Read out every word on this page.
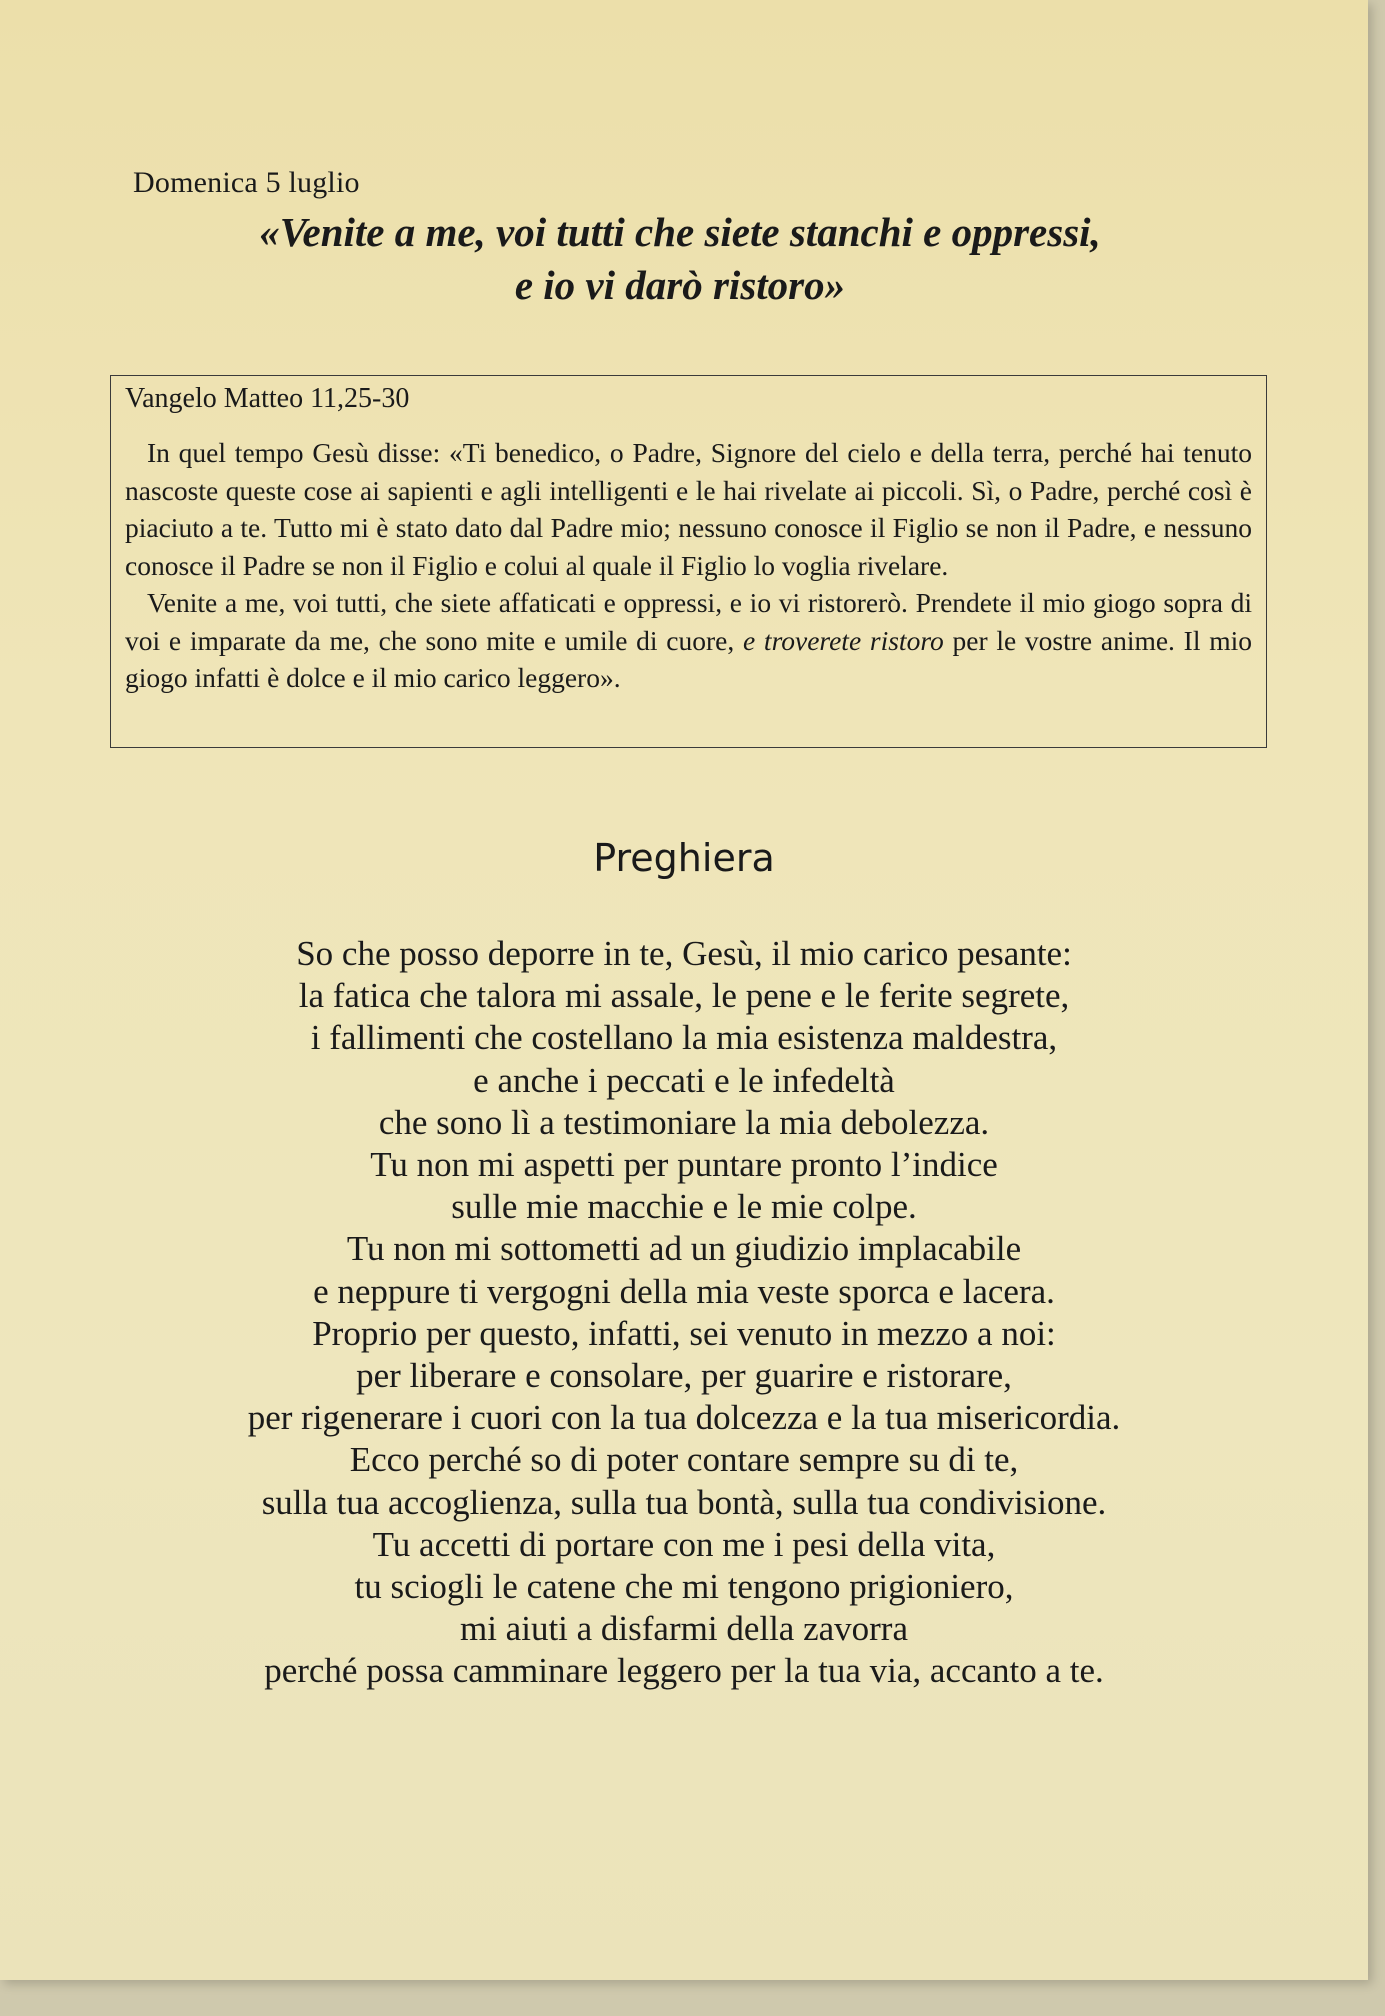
Domenica 5 luglio
«Venite a me, voi tutti che siete stanchi e oppressi,
e io vi darò ristoro»
Vangelo Matteo 11,25-30

In quel tempo Gesù disse: «Ti benedico, o Padre, Signore del cielo e della terra, perché hai tenuto nascoste queste cose ai sapienti e agli intelligenti e le hai rivelate ai piccoli. Sì, o Padre, perché così è piaciuto a te. Tutto mi è stato dato dal Padre mio; nessuno conosce il Figlio se non il Padre, e nessuno conosce il Padre se non il Figlio e colui al quale il Figlio lo voglia rivelare.

Venite a me, voi tutti, che siete affaticati e oppressi, e io vi ristorerò. Prendete il mio giogo sopra di voi e imparate da me, che sono mite e umile di cuore, e troverete ristoro per le vostre anime. Il mio giogo infatti è dolce e il mio carico leggero».

Preghiera
So che posso deporre in te, Gesù, il mio carico pesante:
la fatica che talora mi assale, le pene e le ferite segrete,
i fallimenti che costellano la mia esistenza maldestra,
e anche i peccati e le infedeltà
che sono lì a testimoniare la mia debolezza.
Tu non mi aspetti per puntare pronto l’indice
sulle mie macchie e le mie colpe.
Tu non mi sottometti ad un giudizio implacabile
e neppure ti vergogni della mia veste sporca e lacera.
Proprio per questo, infatti, sei venuto in mezzo a noi:
per liberare e consolare, per guarire e ristorare,
per rigenerare i cuori con la tua dolcezza e la tua misericordia.
Ecco perché so di poter contare sempre su di te,
sulla tua accoglienza, sulla tua bontà, sulla tua condivisione.
Tu accetti di portare con me i pesi della vita,
tu sciogli le catene che mi tengono prigioniero,
mi aiuti a disfarmi della zavorra
perché possa camminare leggero per la tua via, accanto a te.
